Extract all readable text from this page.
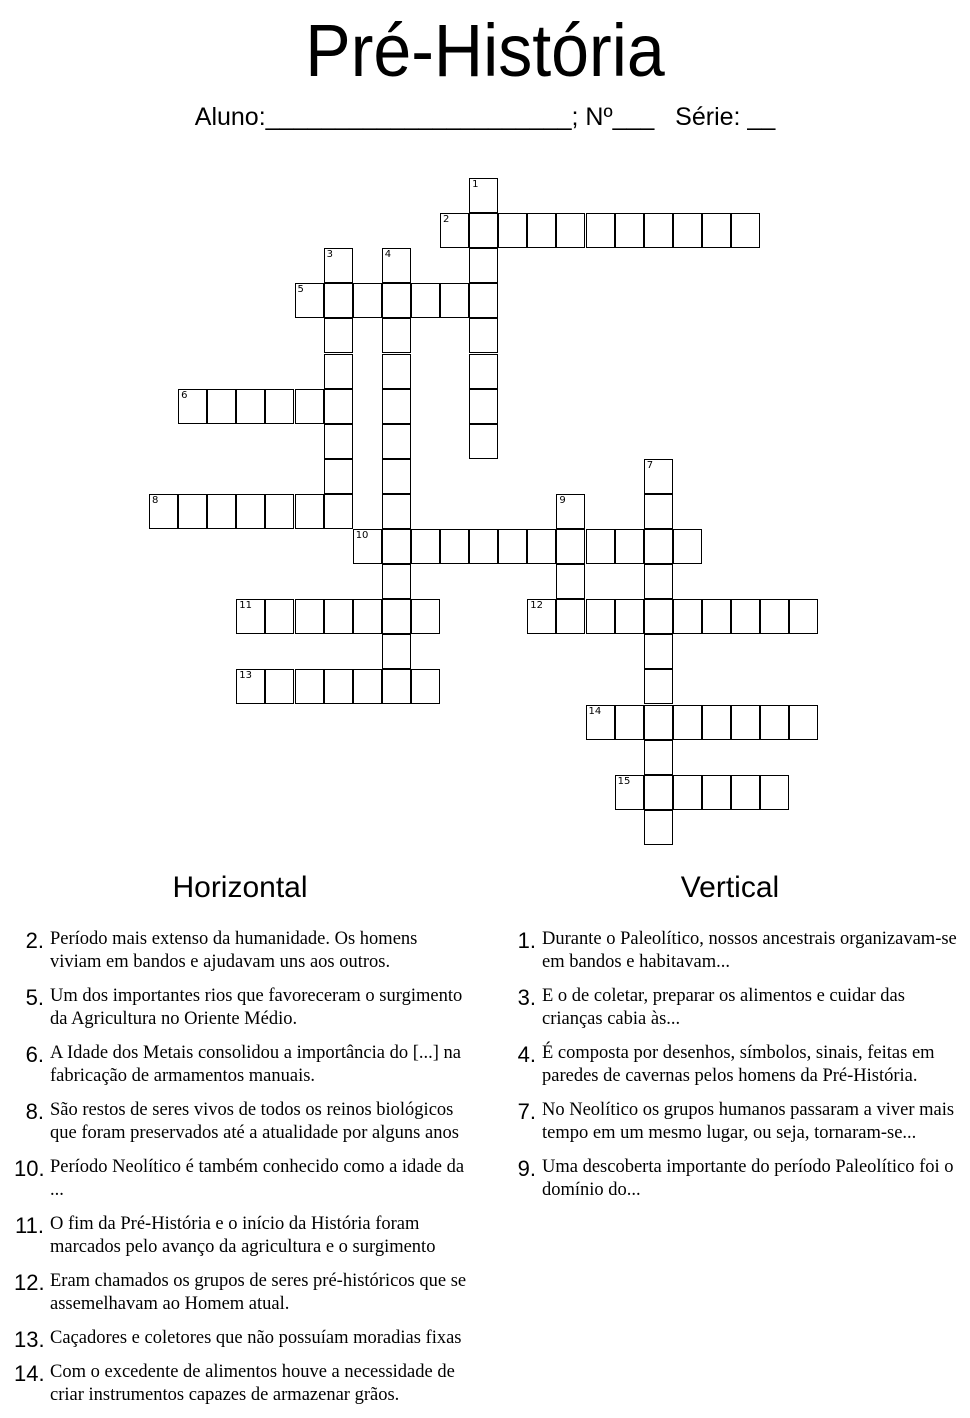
Pré-História
Aluno:______________________; Nº___   Série: __
1
2
3	4
5
6
7
8	9
10
11	12
13
14
15
Horizontal	Vertical
2. Período mais extenso da humanidade. Os homens
viviam em bandos e ajudavam uns aos outros.
5. Um dos importantes rios que favoreceram o surgimento
da Agricultura no Oriente Médio.
6. A Idade dos Metais consolidou a importância do [...] na
fabricação de armamentos manuais.
8. São restos de seres vivos de todos os reinos biológicos
que foram preservados até a atualidade por alguns anos
10. Período Neolítico é também conhecido como a idade da
...
11. O fim da Pré-História e o início da História foram
marcados pelo avanço da agricultura e o surgimento
12. Eram chamados os grupos de seres pré-históricos que se
assemelhavam ao Homem atual.
13. Caçadores e coletores que não possuíam moradias fixas
14. Com o excedente de alimentos houve a necessidade de
criar instrumentos capazes de armazenar grãos.
1. Durante o Paleolítico, nossos ancestrais organizavam-se
em bandos e habitavam...
3. E o de coletar, preparar os alimentos e cuidar das
crianças cabia às...
4. É composta por desenhos, símbolos, sinais, feitas em
paredes de cavernas pelos homens da Pré-História.
7. No Neolítico os grupos humanos passaram a viver mais
tempo em um mesmo lugar, ou seja, tornaram-se...
9. Uma descoberta importante do período Paleolítico foi o
domínio do...
